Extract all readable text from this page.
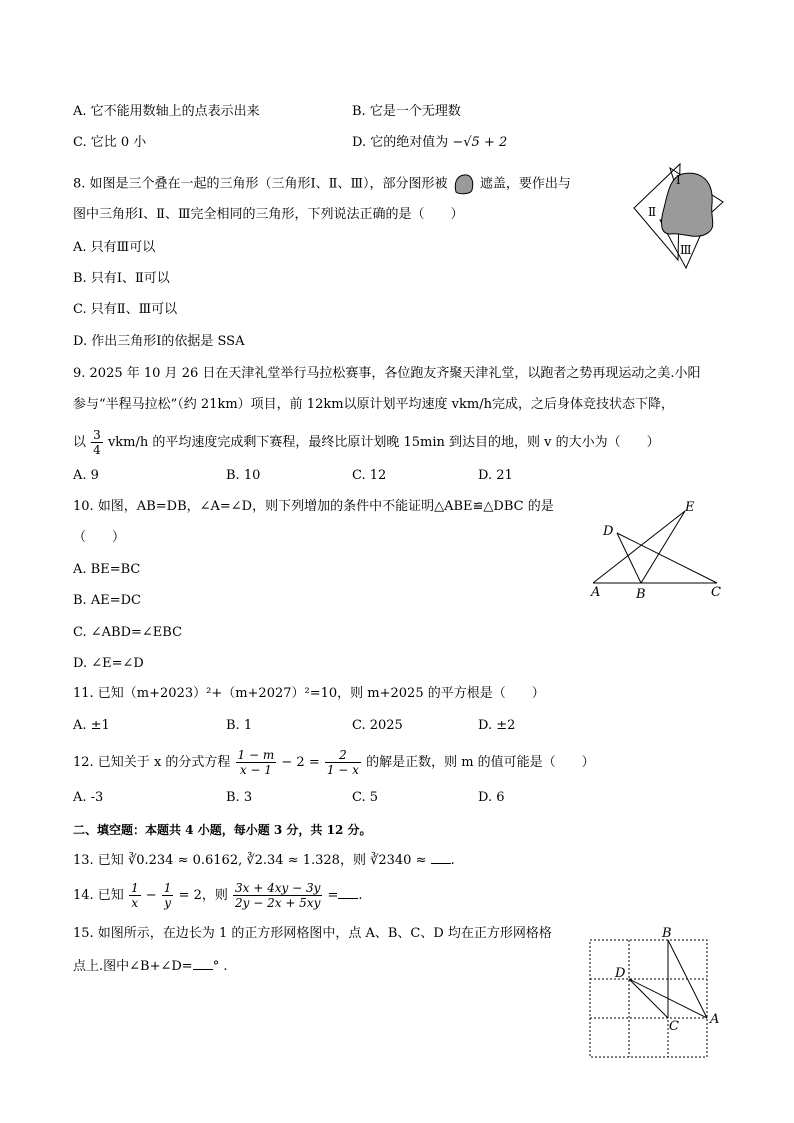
A. 它不能用数轴上的点表示出来	B. 它是一个无理数
C. 它比 0 小	D. 它的绝对值为 −√5 + 2
8. 如图是三个叠在一起的三角形（三角形Ⅰ、Ⅱ、Ⅲ），部分图形被 遮盖，要作出与
图中三角形Ⅰ、Ⅱ、Ⅲ完全相同的三角形，下列说法正确的是（　　）
A. 只有Ⅲ可以
B. 只有Ⅰ、Ⅱ可以
C. 只有Ⅱ、Ⅲ可以
D. 作出三角形Ⅰ的依据是 SSA
Ⅰ
Ⅱ
Ⅲ
9. 2025 年 10 月 26 日在天津礼堂举行马拉松赛事，各位跑友齐聚天津礼堂，以跑者之势再现运动之美.小阳
参与“半程马拉松”（约 21km）项目，前 12km以原计划平均速度 vkm/h完成，之后身体竞技状态下降，
以 $\frac{3}{4} vkm/h$ 的平均速度完成剩下赛程，最终比原计划晚 15min 到达目的地，则 v 的大小为（　　）
A. 9	B. 10	C. 12	D. 21
10. 如图，AB=DB，∠A=∠D，则下列增加的条件中不能证明△ABE≌△DBC 的是
（　　）
A. BE=BC
B. AE=DC
C. ∠ABD=∠EBC
D. ∠E=∠D
D
E
A	B	C
11. 已知（m+2023）²+（m+2027）²=10，则 m+2025 的平方根是（　　）
A. ±1	B. 1	C. 2025	D. ±2
12. 已知关于 x 的分式方程 $\frac{1 - m}{x - 1} - 2 = \frac{2}{1 - x}$ 的解是正数，则 m 的值可能是（　　）
A. -3	B. 3	C. 5	D. 6
二、填空题：本题共 4 小题，每小题 3 分，共 12 分。
13. 已知 ∛0.234 ≈ 0.6162, ∛2.34 ≈ 1.328，则 ∛2340 ≈ .
14. 已知 $\frac{1}{x} - \frac{1}{y} = 2$，则 $\frac{3x + 4xy - 3y}{2y - 2x + 5xy}$ = .
15. 如图所示，在边长为 1 的正方形网格图中，点 A、B、C、D 均在正方形网格格
点上.图中∠B+∠D= ° .
B
D
C A
